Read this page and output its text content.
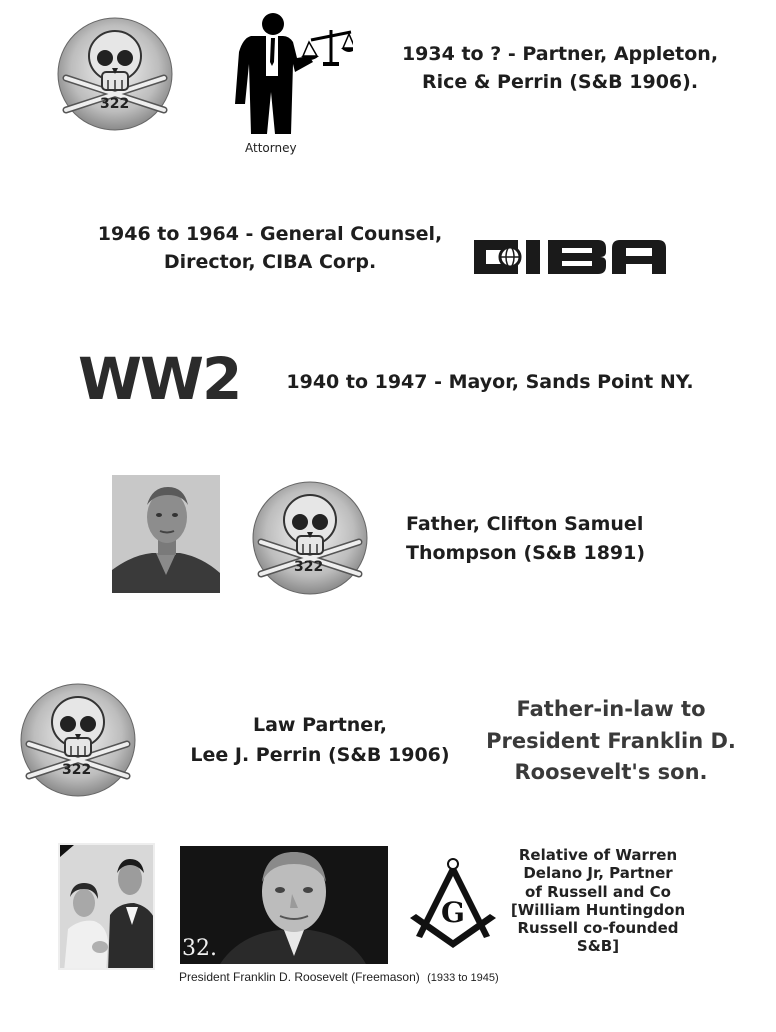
322
Attorney
1934 to ? - Partner, Appleton,
Rice & Perrin (S&B 1906).
1946 to 1964 - General Counsel,
Director, CIBA Corp.
WW2	1940 to 1947 - Mayor, Sands Point NY.
322
Father, Clifton Samuel
Thompson (S&B 1891)
322
Law Partner,
Lee J. Perrin (S&B 1906)
Father-in-law to
President Franklin D.
Roosevelt's son.
32.
G
President Franklin D. Roosevelt (Freemason) (1933 to 1945)
Relative of Warren
Delano Jr, Partner
of Russell and Co
[William Huntingdon
Russell co-founded
S&B]
